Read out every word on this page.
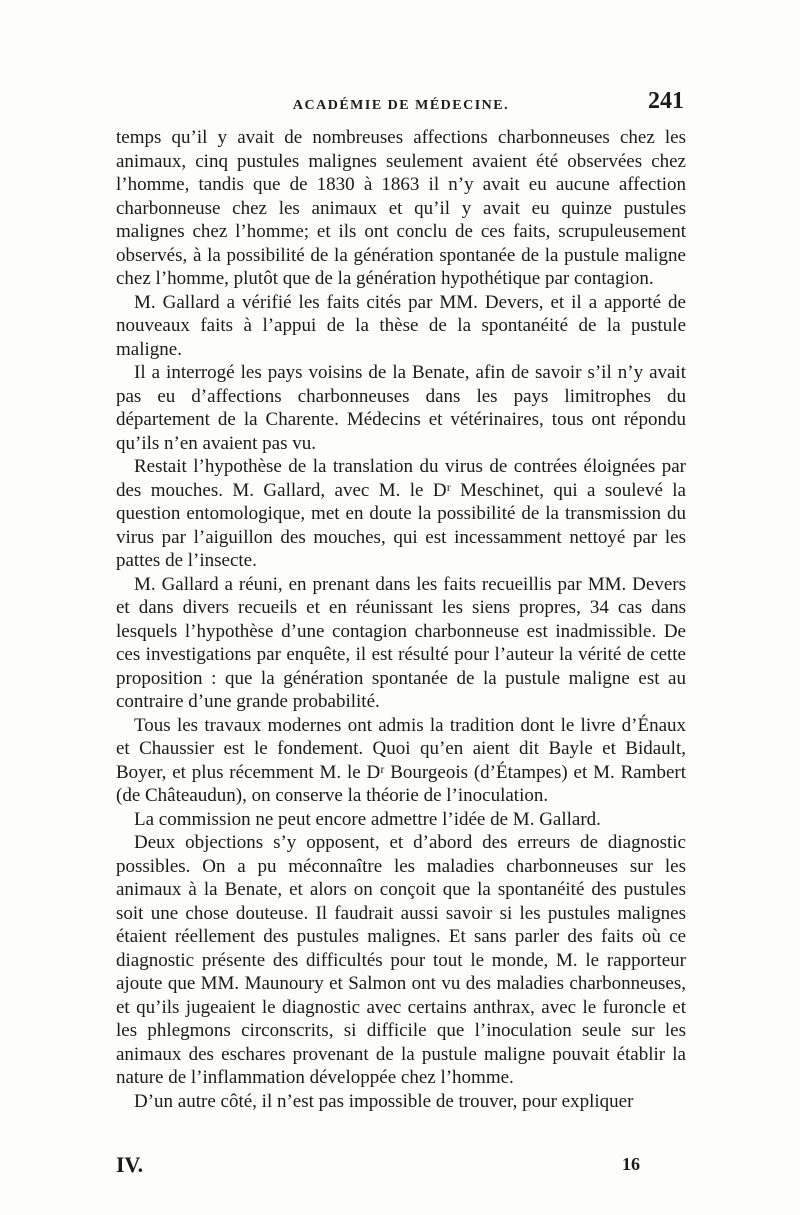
ACADÉMIE DE MÉDECINE.	241

temps qu’il y avait de nombreuses affections charbonneuses chez les animaux, cinq pustules malignes seulement avaient été observées chez l’homme, tandis que de 1830 à 1863 il n’y avait eu aucune affection charbonneuse chez les animaux et qu’il y avait eu quinze pustules malignes chez l’homme; et ils ont conclu de ces faits, scrupuleusement observés, à la possibilité de la génération spontanée de la pustule maligne chez l’homme, plutôt que de la génération hypothétique par contagion.

M. Gallard a vérifié les faits cités par MM. Devers, et il a apporté de nouveaux faits à l’appui de la thèse de la spontanéité de la pustule maligne.

Il a interrogé les pays voisins de la Benate, afin de savoir s’il n’y avait pas eu d’affections charbonneuses dans les pays limitrophes du département de la Charente. Médecins et vétérinaires, tous ont répondu qu’ils n’en avaient pas vu.

Restait l’hypothèse de la translation du virus de contrées éloignées par des mouches. M. Gallard, avec M. le Dʳ Meschinet, qui a soulevé la question entomologique, met en doute la possibilité de la transmission du virus par l’aiguillon des mouches, qui est incessamment nettoyé par les pattes de l’insecte.

M. Gallard a réuni, en prenant dans les faits recueillis par MM. Devers et dans divers recueils et en réunissant les siens propres, 34 cas dans lesquels l’hypothèse d’une contagion charbonneuse est inadmissible. De ces investigations par enquête, il est résulté pour l’auteur la vérité de cette proposition : que la génération spontanée de la pustule maligne est au contraire d’une grande probabilité.

Tous les travaux modernes ont admis la tradition dont le livre d’Énaux et Chaussier est le fondement. Quoi qu’en aient dit Bayle et Bidault, Boyer, et plus récemment M. le Dʳ Bourgeois (d’Étampes) et M. Rambert (de Châteaudun), on conserve la théorie de l’inoculation.

La commission ne peut encore admettre l’idée de M. Gallard.

Deux objections s’y opposent, et d’abord des erreurs de diagnostic possibles. On a pu méconnaître les maladies charbonneuses sur les animaux à la Benate, et alors on conçoit que la spontanéité des pustules soit une chose douteuse. Il faudrait aussi savoir si les pustules malignes étaient réellement des pustules malignes. Et sans parler des faits où ce diagnostic présente des difficultés pour tout le monde, M. le rapporteur ajoute que MM. Maunoury et Salmon ont vu des maladies charbonneuses, et qu’ils jugeaient le diagnostic avec certains anthrax, avec le furoncle et les phlegmons circonscrits, si difficile que l’inoculation seule sur les animaux des eschares provenant de la pustule maligne pouvait établir la nature de l’inflammation développée chez l’homme.

D’un autre côté, il n’est pas impossible de trouver, pour expliquer

IV.	16
